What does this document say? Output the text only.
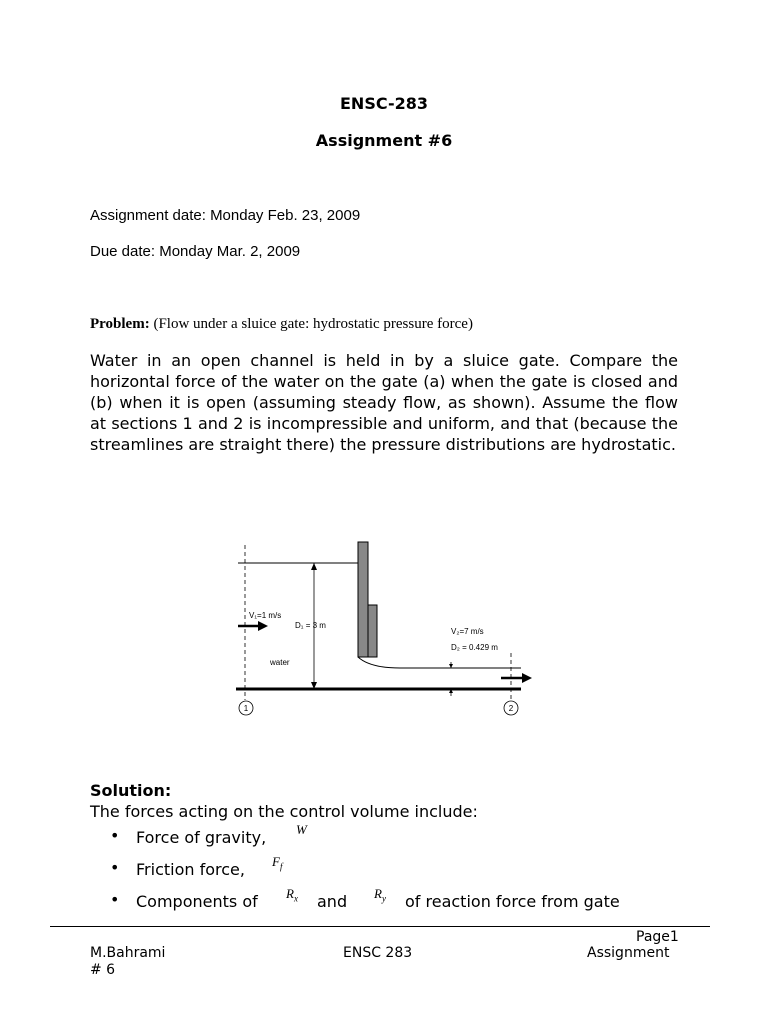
ENSC-283
Assignment #6
Assignment date: Monday Feb. 23, 2009
Due date: Monday Mar. 2, 2009
Problem: (Flow under a sluice gate: hydrostatic pressure force)
Water in an open channel is held in by a sluice gate. Compare the horizontal force of the water on the gate (a) when the gate is closed and (b) when it is open (assuming steady flow, as shown). Assume the flow at sections 1 and 2 is incompressible and uniform, and that (because the streamlines are straight there) the pressure distributions are hydrostatic.
V₁=1 m/s
D₁ = 3 m
water
V₂=7 m/s
D₂ = 0.429 m
1	2
Solution:
The forces acting on the control volume include:
• Force of gravity, W
• Friction force, $F_f$
• Components of $R_x$ and $R_y$ of reaction force from gate
Page1
M.Bahrami	ENSC 283	Assignment
# 6
